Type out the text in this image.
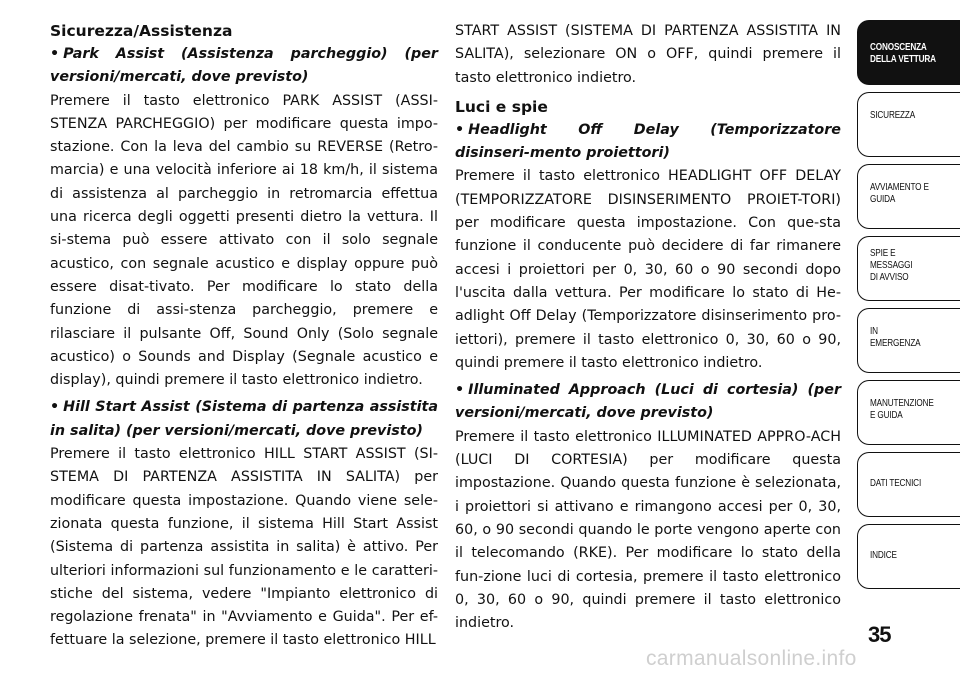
Sicurezza/Assistenza

• Park Assist (Assistenza parcheggio) (per versioni/mercati, dove previsto)

Premere il tasto elettronico PARK ASSIST (ASSI-STENZA PARCHEGGIO) per modificare questa impo-stazione. Con la leva del cambio su REVERSE (Retro-marcia) e una velocità inferiore ai 18 km/h, il sistema di assistenza al parcheggio in retromarcia effettua una ricerca degli oggetti presenti dietro la vettura. Il si-stema può essere attivato con il solo segnale acustico, con segnale acustico e display oppure può essere disat-tivato. Per modificare lo stato della funzione di assi-stenza parcheggio, premere e rilasciare il pulsante Off, Sound Only (Solo segnale acustico) o Sounds and Display (Segnale acustico e display), quindi premere il tasto elettronico indietro.

• Hill Start Assist (Sistema di partenza assistita in salita) (per versioni/mercati, dove previsto)

Premere il tasto elettronico HILL START ASSIST (SI-STEMA DI PARTENZA ASSISTITA IN SALITA) per modificare questa impostazione. Quando viene sele-zionata questa funzione, il sistema Hill Start Assist (Sistema di partenza assistita in salita) è attivo. Per ulteriori informazioni sul funzionamento e le caratteri-stiche del sistema, vedere "Impianto elettronico di regolazione frenata" in "Avviamento e Guida". Per ef-fettuare la selezione, premere il tasto elettronico HILL

START ASSIST (SISTEMA DI PARTENZA ASSISTITA IN SALITA), selezionare ON o OFF, quindi premere il tasto elettronico indietro.

Luci e spie

• Headlight Off Delay (Temporizzatore disinseri-mento proiettori)

Premere il tasto elettronico HEADLIGHT OFF DELAY (TEMPORIZZATORE DISINSERIMENTO PROIET-TORI) per modificare questa impostazione. Con que-sta funzione il conducente può decidere di far rimanere accesi i proiettori per 0, 30, 60 o 90 secondi dopo l'uscita dalla vettura. Per modificare lo stato di He-adlight Off Delay (Temporizzatore disinserimento pro-iettori), premere il tasto elettronico 0, 30, 60 o 90, quindi premere il tasto elettronico indietro.

• Illuminated Approach (Luci di cortesia) (per versioni/mercati, dove previsto)

Premere il tasto elettronico ILLUMINATED APPRO-ACH (LUCI DI CORTESIA) per modificare questa impostazione. Quando questa funzione è selezionata, i proiettori si attivano e rimangono accesi per 0, 30, 60, o 90 secondi quando le porte vengono aperte con il telecomando (RKE). Per modificare lo stato della fun-zione luci di cortesia, premere il tasto elettronico 0, 30, 60 o 90, quindi premere il tasto elettronico indietro.

CONOSCENZA
DELLA VETTURA
SICUREZZA
AVVIAMENTO E
GUIDA
SPIE E
MESSAGGI
DI AVVISO
IN
EMERGENZA
MANUTENZIONE
E GUIDA
DATI TECNICI
INDICE
35
carmanualsonline.info
